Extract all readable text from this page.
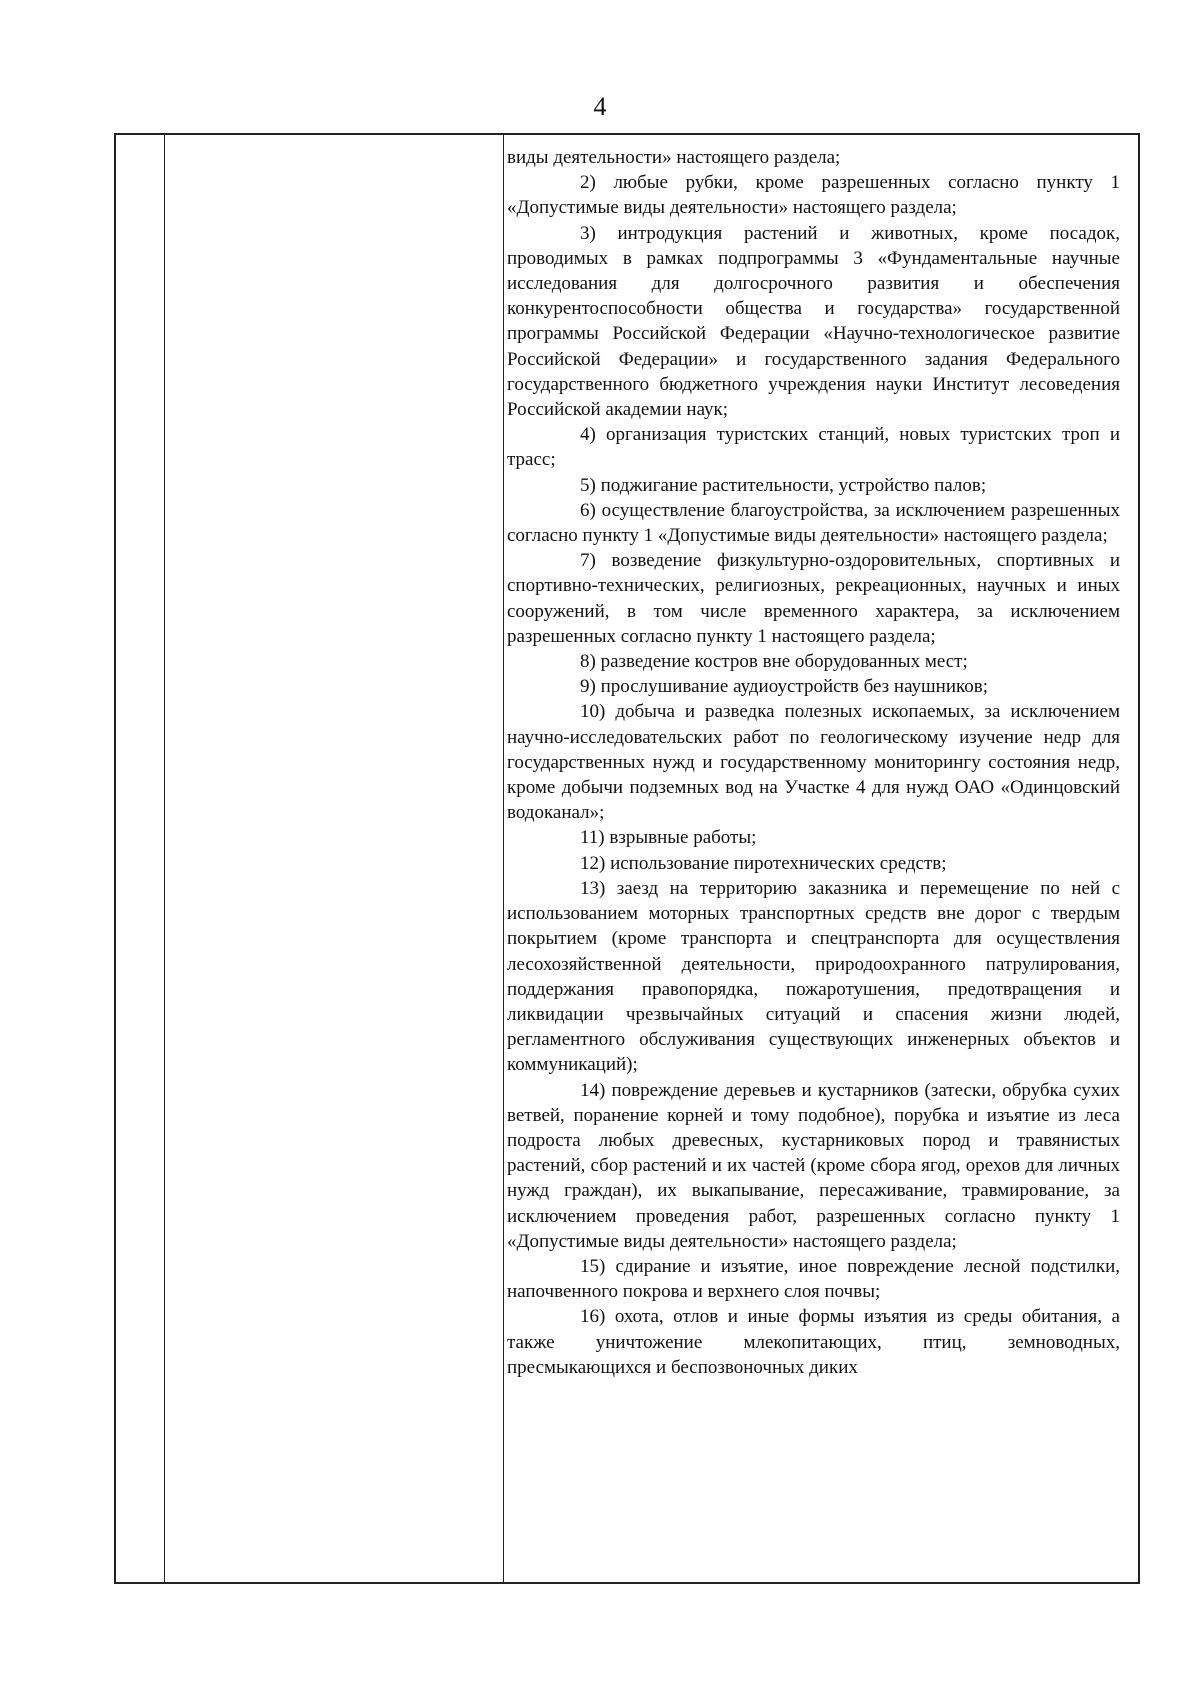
4

виды деятельности» настоящего раздела;

2) любые рубки, кроме разрешенных согласно пункту 1 «Допустимые виды деятельности» настоящего раздела;

3) интродукция растений и животных, кроме посадок, проводимых в рамках подпрограммы 3 «Фундаментальные научные исследования для долгосрочного развития и обеспечения конкурентоспособности общества и государства» государственной программы Российской Федерации «Научно-технологическое развитие Российской Федерации» и государственного задания Федерального государственного бюджетного учреждения науки Институт лесоведения Российской академии наук;

4) организация туристских станций, новых туристских троп и трасс;

5) поджигание растительности, устройство палов;

6) осуществление благоустройства, за исключением разрешенных согласно пункту 1 «Допустимые виды деятельности» настоящего раздела;

7) возведение физкультурно-оздоровительных, спортивных и спортивно-технических, религиозных, рекреационных, научных и иных сооружений, в том числе временного характера, за исключением разрешенных согласно пункту 1 настоящего раздела;

8) разведение костров вне оборудованных мест;

9) прослушивание аудиоустройств без наушников;

10) добыча и разведка полезных ископаемых, за исключением научно-исследовательских работ по геологическому изучение недр для государственных нужд и государственному мониторингу состояния недр, кроме добычи подземных вод на Участке 4 для нужд ОАО «Одинцовский водоканал»;

11) взрывные работы;

12) использование пиротехнических средств;

13) заезд на территорию заказника и перемещение по ней с использованием моторных транспортных средств вне дорог с твердым покрытием (кроме транспорта и спецтранспорта для осуществления лесохозяйственной деятельности, природоохранного патрулирования, поддержания правопорядка, пожаротушения, предотвращения и ликвидации чрезвычайных ситуаций и спасения жизни людей, регламентного обслуживания существующих инженерных объектов и коммуникаций);

14) повреждение деревьев и кустарников (затески, обрубка сухих ветвей, поранение корней и тому подобное), порубка и изъятие из леса подроста любых древесных, кустарниковых пород и травянистых растений, сбор растений и их частей (кроме сбора ягод, орехов для личных нужд граждан), их выкапывание, пересаживание, травмирование, за исключением проведения работ, разрешенных согласно пункту 1 «Допустимые виды деятельности» настоящего раздела;

15) сдирание и изъятие, иное повреждение лесной подстилки, напочвенного покрова и верхнего слоя почвы;

16) охота, отлов и иные формы изъятия из среды обитания, а также уничтожение млекопитающих, птиц, земноводных, пресмыкающихся и беспозвоночных диких
